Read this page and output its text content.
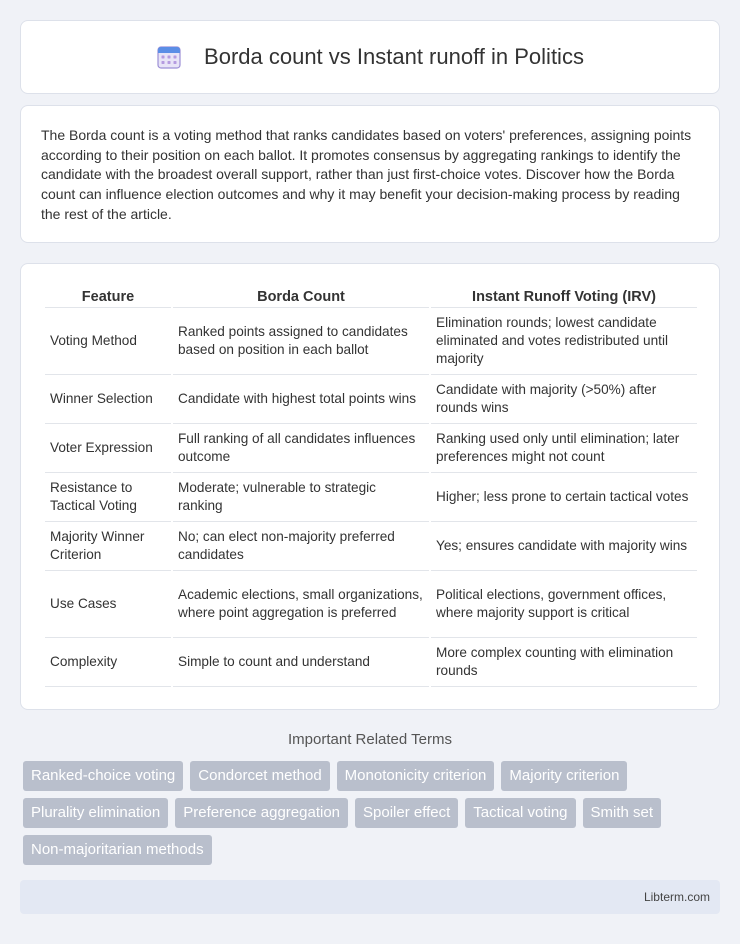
Borda count vs Instant runoff in Politics

The Borda count is a voting method that ranks candidates based on voters' preferences, assigning points according to their position on each ballot. It promotes consensus by aggregating rankings to identify the candidate with the broadest overall support, rather than just first-choice votes. Discover how the Borda count can influence election outcomes and why it may benefit your decision-making process by reading the rest of the article.

Feature	Borda Count	Instant Runoff Voting (IRV)
Voting Method	Ranked points assigned to candidates based on position in each ballot	Elimination rounds; lowest candidate eliminated and votes redistributed until majority
Winner Selection	Candidate with highest total points wins	Candidate with majority (>50%) after rounds wins
Voter Expression	Full ranking of all candidates influences outcome	Ranking used only until elimination; later preferences might not count
Resistance to Tactical Voting	Moderate; vulnerable to strategic ranking	Higher; less prone to certain tactical votes
Majority Winner Criterion	No; can elect non-majority preferred candidates	Yes; ensures candidate with majority wins
Use Cases	Academic elections, small organizations, where point aggregation is preferred	Political elections, government offices, where majority support is critical
Complexity	Simple to count and understand	More complex counting with elimination rounds
Important Related Terms
Ranked-choice voting	Condorcet method	Monotonicity criterion	Majority criterion
Plurality elimination	Preference aggregation	Spoiler effect	Tactical voting	Smith set
Non-majoritarian methods
Libterm.com
